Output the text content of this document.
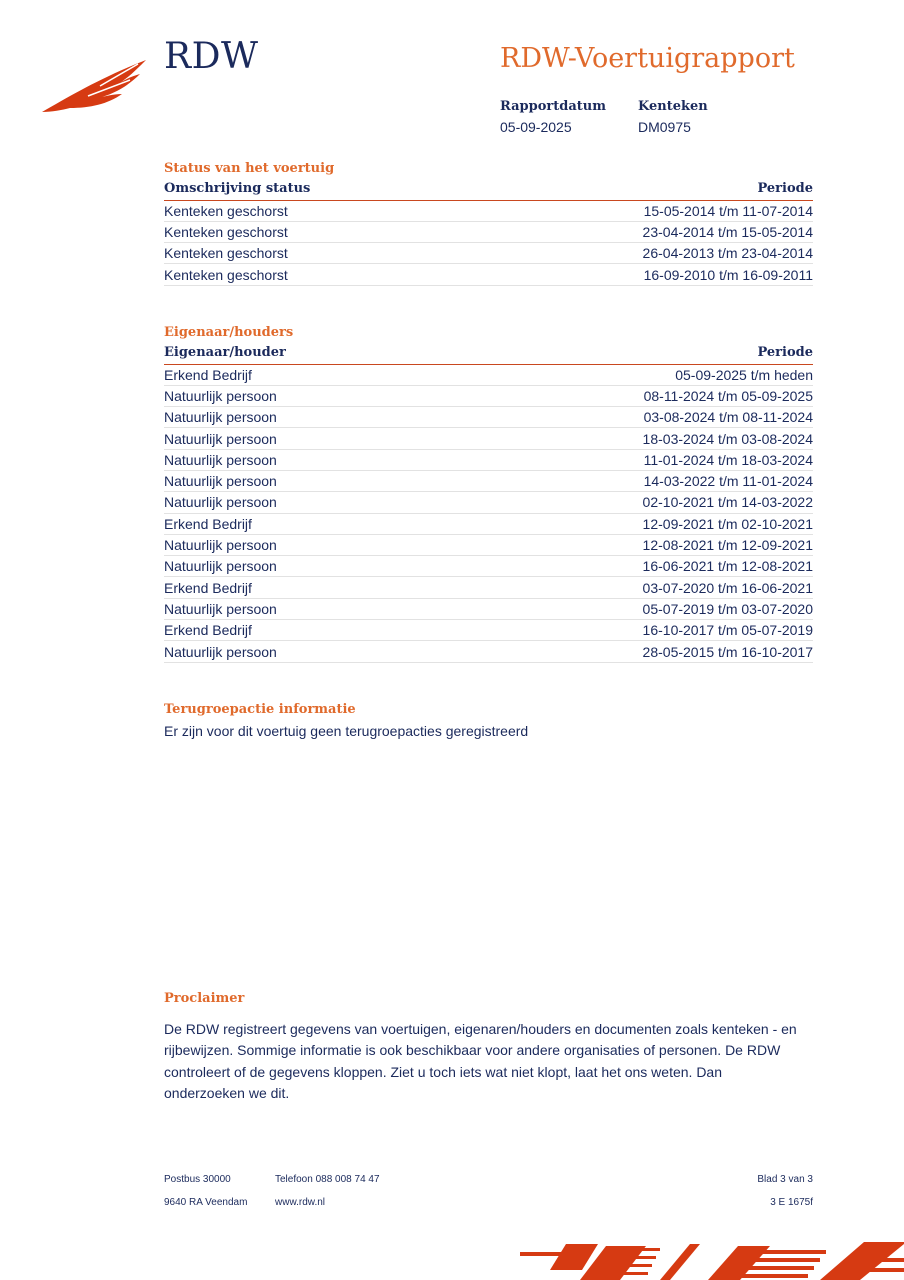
RDW	RDW-Voertuigrapport
Rapportdatum
05-09-2025
Kenteken
DM0975
Status van het voertuig
Omschrijving status	Periode
Kenteken geschorst	15-05-2014 t/m 11-07-2014
Kenteken geschorst	23-04-2014 t/m 15-05-2014
Kenteken geschorst	26-04-2013 t/m 23-04-2014
Kenteken geschorst	16-09-2010 t/m 16-09-2011
Eigenaar/houders
Eigenaar/houder	Periode
Erkend Bedrijf	05-09-2025 t/m heden
Natuurlijk persoon	08-11-2024 t/m 05-09-2025
Natuurlijk persoon	03-08-2024 t/m 08-11-2024
Natuurlijk persoon	18-03-2024 t/m 03-08-2024
Natuurlijk persoon	11-01-2024 t/m 18-03-2024
Natuurlijk persoon	14-03-2022 t/m 11-01-2024
Natuurlijk persoon	02-10-2021 t/m 14-03-2022
Erkend Bedrijf	12-09-2021 t/m 02-10-2021
Natuurlijk persoon	12-08-2021 t/m 12-09-2021
Natuurlijk persoon	16-06-2021 t/m 12-08-2021
Erkend Bedrijf	03-07-2020 t/m 16-06-2021
Natuurlijk persoon	05-07-2019 t/m 03-07-2020
Erkend Bedrijf	16-10-2017 t/m 05-07-2019
Natuurlijk persoon	28-05-2015 t/m 16-10-2017
Terugroepactie informatie
Er zijn voor dit voertuig geen terugroepacties geregistreerd
Proclaimer
De RDW registreert gegevens van voertuigen, eigenaren/houders en documenten zoals kenteken - en rijbewijzen. Sommige informatie is ook beschikbaar voor andere organisaties of personen. De RDW controleert of de gegevens kloppen. Ziet u toch iets wat niet klopt, laat het ons weten. Dan onderzoeken we dit.
Postbus 30000
9640 RA Veendam
Telefoon 088 008 74 47
www.rdw.nl
Blad 3 van 3
3 E 1675f
